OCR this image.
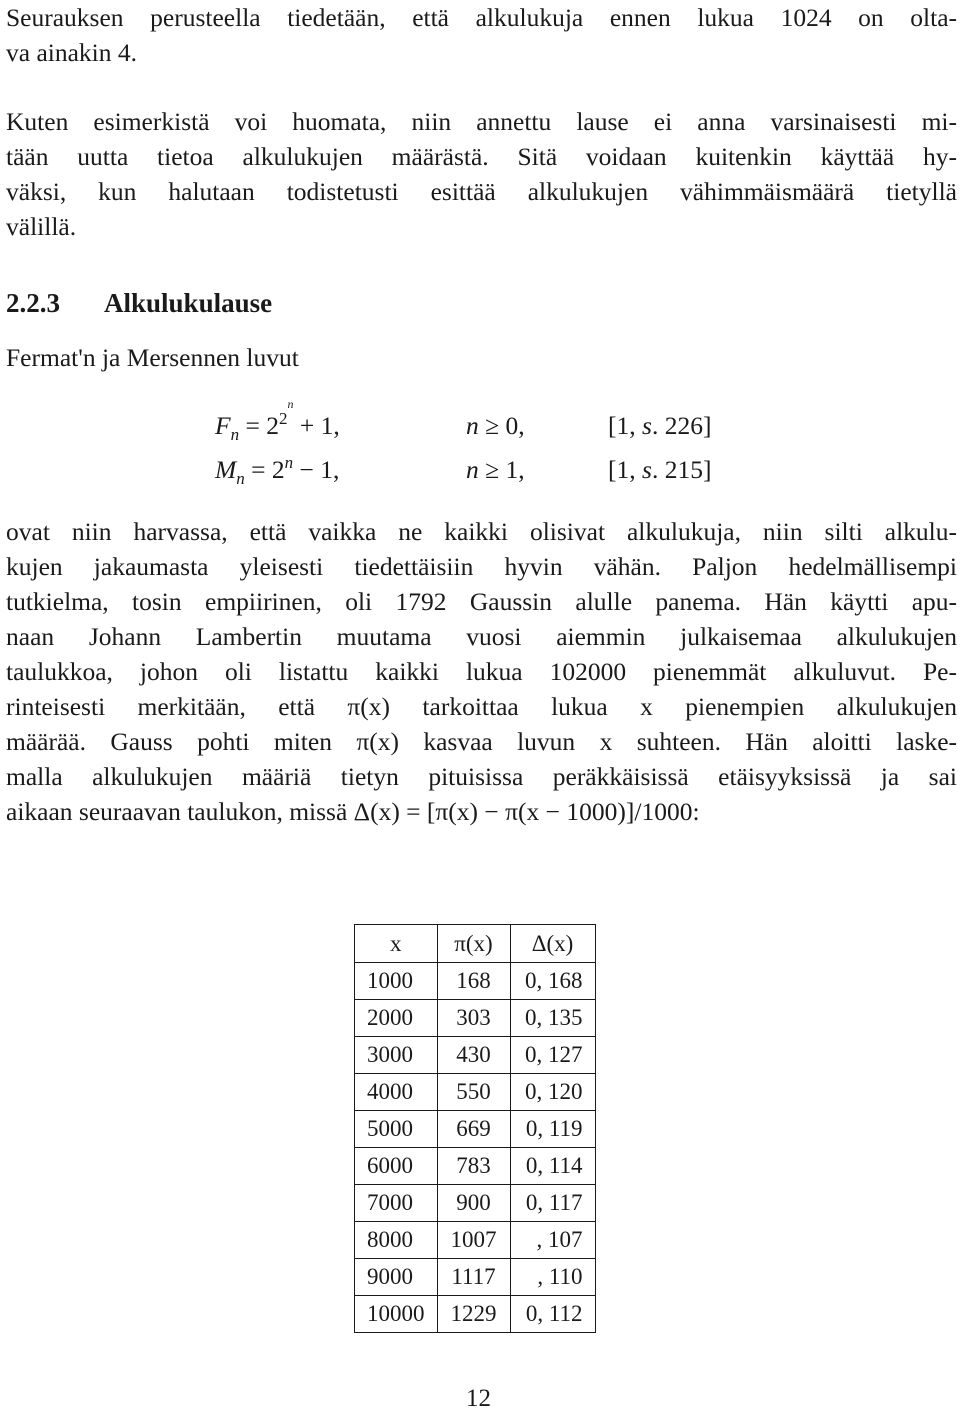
Seurauksen perusteella tiedetään, että alkulukuja ennen lukua 1024 on olta-

va ainakin 4.

Kuten esimerkistä voi huomata, niin annettu lause ei anna varsinaisesti mi-

tään uutta tietoa alkulukujen määrästä. Sitä voidaan kuitenkin käyttää hy-

väksi, kun halutaan todistetusti esittää alkulukujen vähimmäismäärä tietyllä

välillä.

2.2.3 Alkulukulause
Fermat'n ja Mersennen luvut
$F_n = 2^{2^n} + 1$,	n ≥ 0,	[1, s. 226]
$M_n = 2^n - 1$,	n ≥ 1,	[1, s. 215]

ovat niin harvassa, että vaikka ne kaikki olisivat alkulukuja, niin silti alkulu-

kujen jakaumasta yleisesti tiedettäisiin hyvin vähän. Paljon hedelmällisempi

tutkielma, tosin empiirinen, oli 1792 Gaussin alulle panema. Hän käytti apu-

naan Johann Lambertin muutama vuosi aiemmin julkaisemaa alkulukujen

taulukkoa, johon oli listattu kaikki lukua 102000 pienemmät alkuluvut. Pe-

rinteisesti merkitään, että π(x) tarkoittaa lukua x pienempien alkulukujen

määrää. Gauss pohti miten π(x) kasvaa luvun x suhteen. Hän aloitti laske-

malla alkulukujen määriä tietyn pituisissa peräkkäisissä etäisyyksissä ja sai

aikaan seuraavan taulukon, missä Δ(x) = [π(x) − π(x − 1000)]/1000:

x	π(x)	Δ(x)
1000	168	0, 168
2000	303	0, 135
3000	430	0, 127
4000	550	0, 120
5000	669	0, 119
6000	783	0, 114
7000	900	0, 117
8000	1007	, 107
9000	1117	, 110
10000	1229	0, 112
12
